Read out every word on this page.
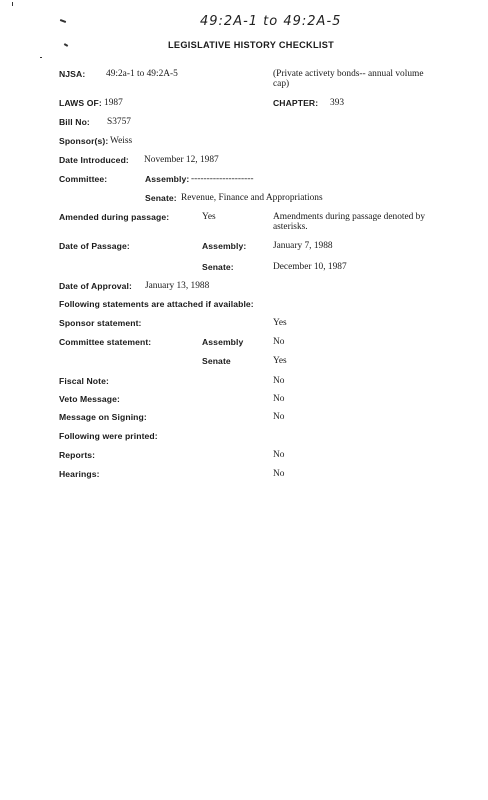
49:2A-1 to 49:2A-5
LEGISLATIVE HISTORY CHECKLIST
NJSA: 49:2a-1 to 49:2A-5	(Private activety bonds-- annual volume cap)
LAWS OF: 1987	CHAPTER: 393
Bill No: S3757
Sponsor(s): Weiss
Date Introduced: November 12, 1987
Committee:	Assembly: --------------------
Senate: Revenue, Finance and Appropriations
Amended during passage:	Yes	Amendments during passage denoted by asterisks.
Date of Passage:	Assembly:	January 7, 1988
Senate:	December 10, 1987
Date of Approval: January 13, 1988
Following statements are attached if available:
Sponsor statement:	Yes
Committee statement:	Assembly	No
Senate	Yes
Fiscal Note:	No
Veto Message:	No
Message on Signing:	No
Following were printed:
Reports:	No
Hearings:	No
